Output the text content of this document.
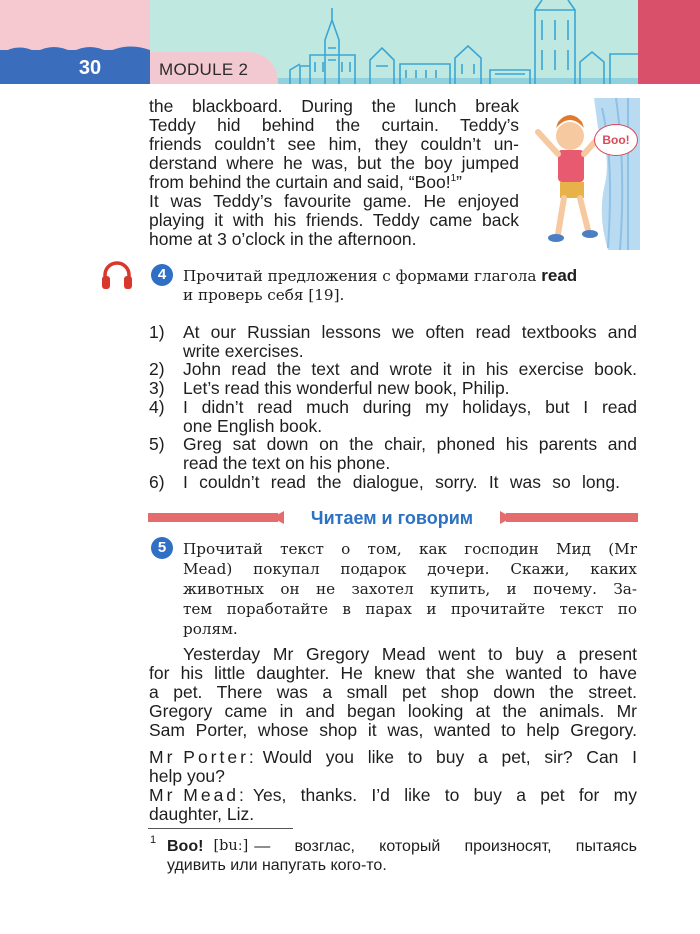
30	MODULE 2
the blackboard. During the lunch break
Teddy hid behind the curtain. Teddy’s
friends couldn’t see him, they couldn’t un-
derstand where he was, but the boy jumped
from behind the curtain and said, “Boo!$^1$”
It was Teddy’s favourite game. He enjoyed
playing it with his friends. Teddy came back
home at 3 o’clock in the afternoon.
Boo!
4	Прочитай предложения с формами глагола read
и проверь себя [19].
1) At our Russian lessons we often read textbooks and
write exercises.
2) John read the text and wrote it in his exercise book.
3) Let’s read this wonderful new book, Philip.
4) I didn’t read much during my holidays, but I read
one English book.
5) Greg sat down on the chair, phoned his parents and
read the text on his phone.
6) I couldn’t read the dialogue, sorry. It was so long.
Читаем и говорим
5	Прочитай текст о том, как господин Мид (Mr
Mead) покупал подарок дочери. Скажи, каких
животных он не захотел купить, и почему. За-
тем поработайте в парах и прочитайте текст по
ролям.
Yesterday Mr Gregory Mead went to buy a present
for his little daughter. He knew that she wanted to have
a pet. There was a small pet shop down the street.
Gregory came in and began looking at the animals. Mr
Sam Porter, whose shop it was, wanted to help Gregory.
Mr Porter: Would you like to buy a pet, sir? Can I
help you?
Mr Mead: Yes, thanks. I’d like to buy a pet for my
daughter, Liz.
1 Boo! [buː] — возглас, который произносят, пытаясь
удивить или напугать кого-то.
